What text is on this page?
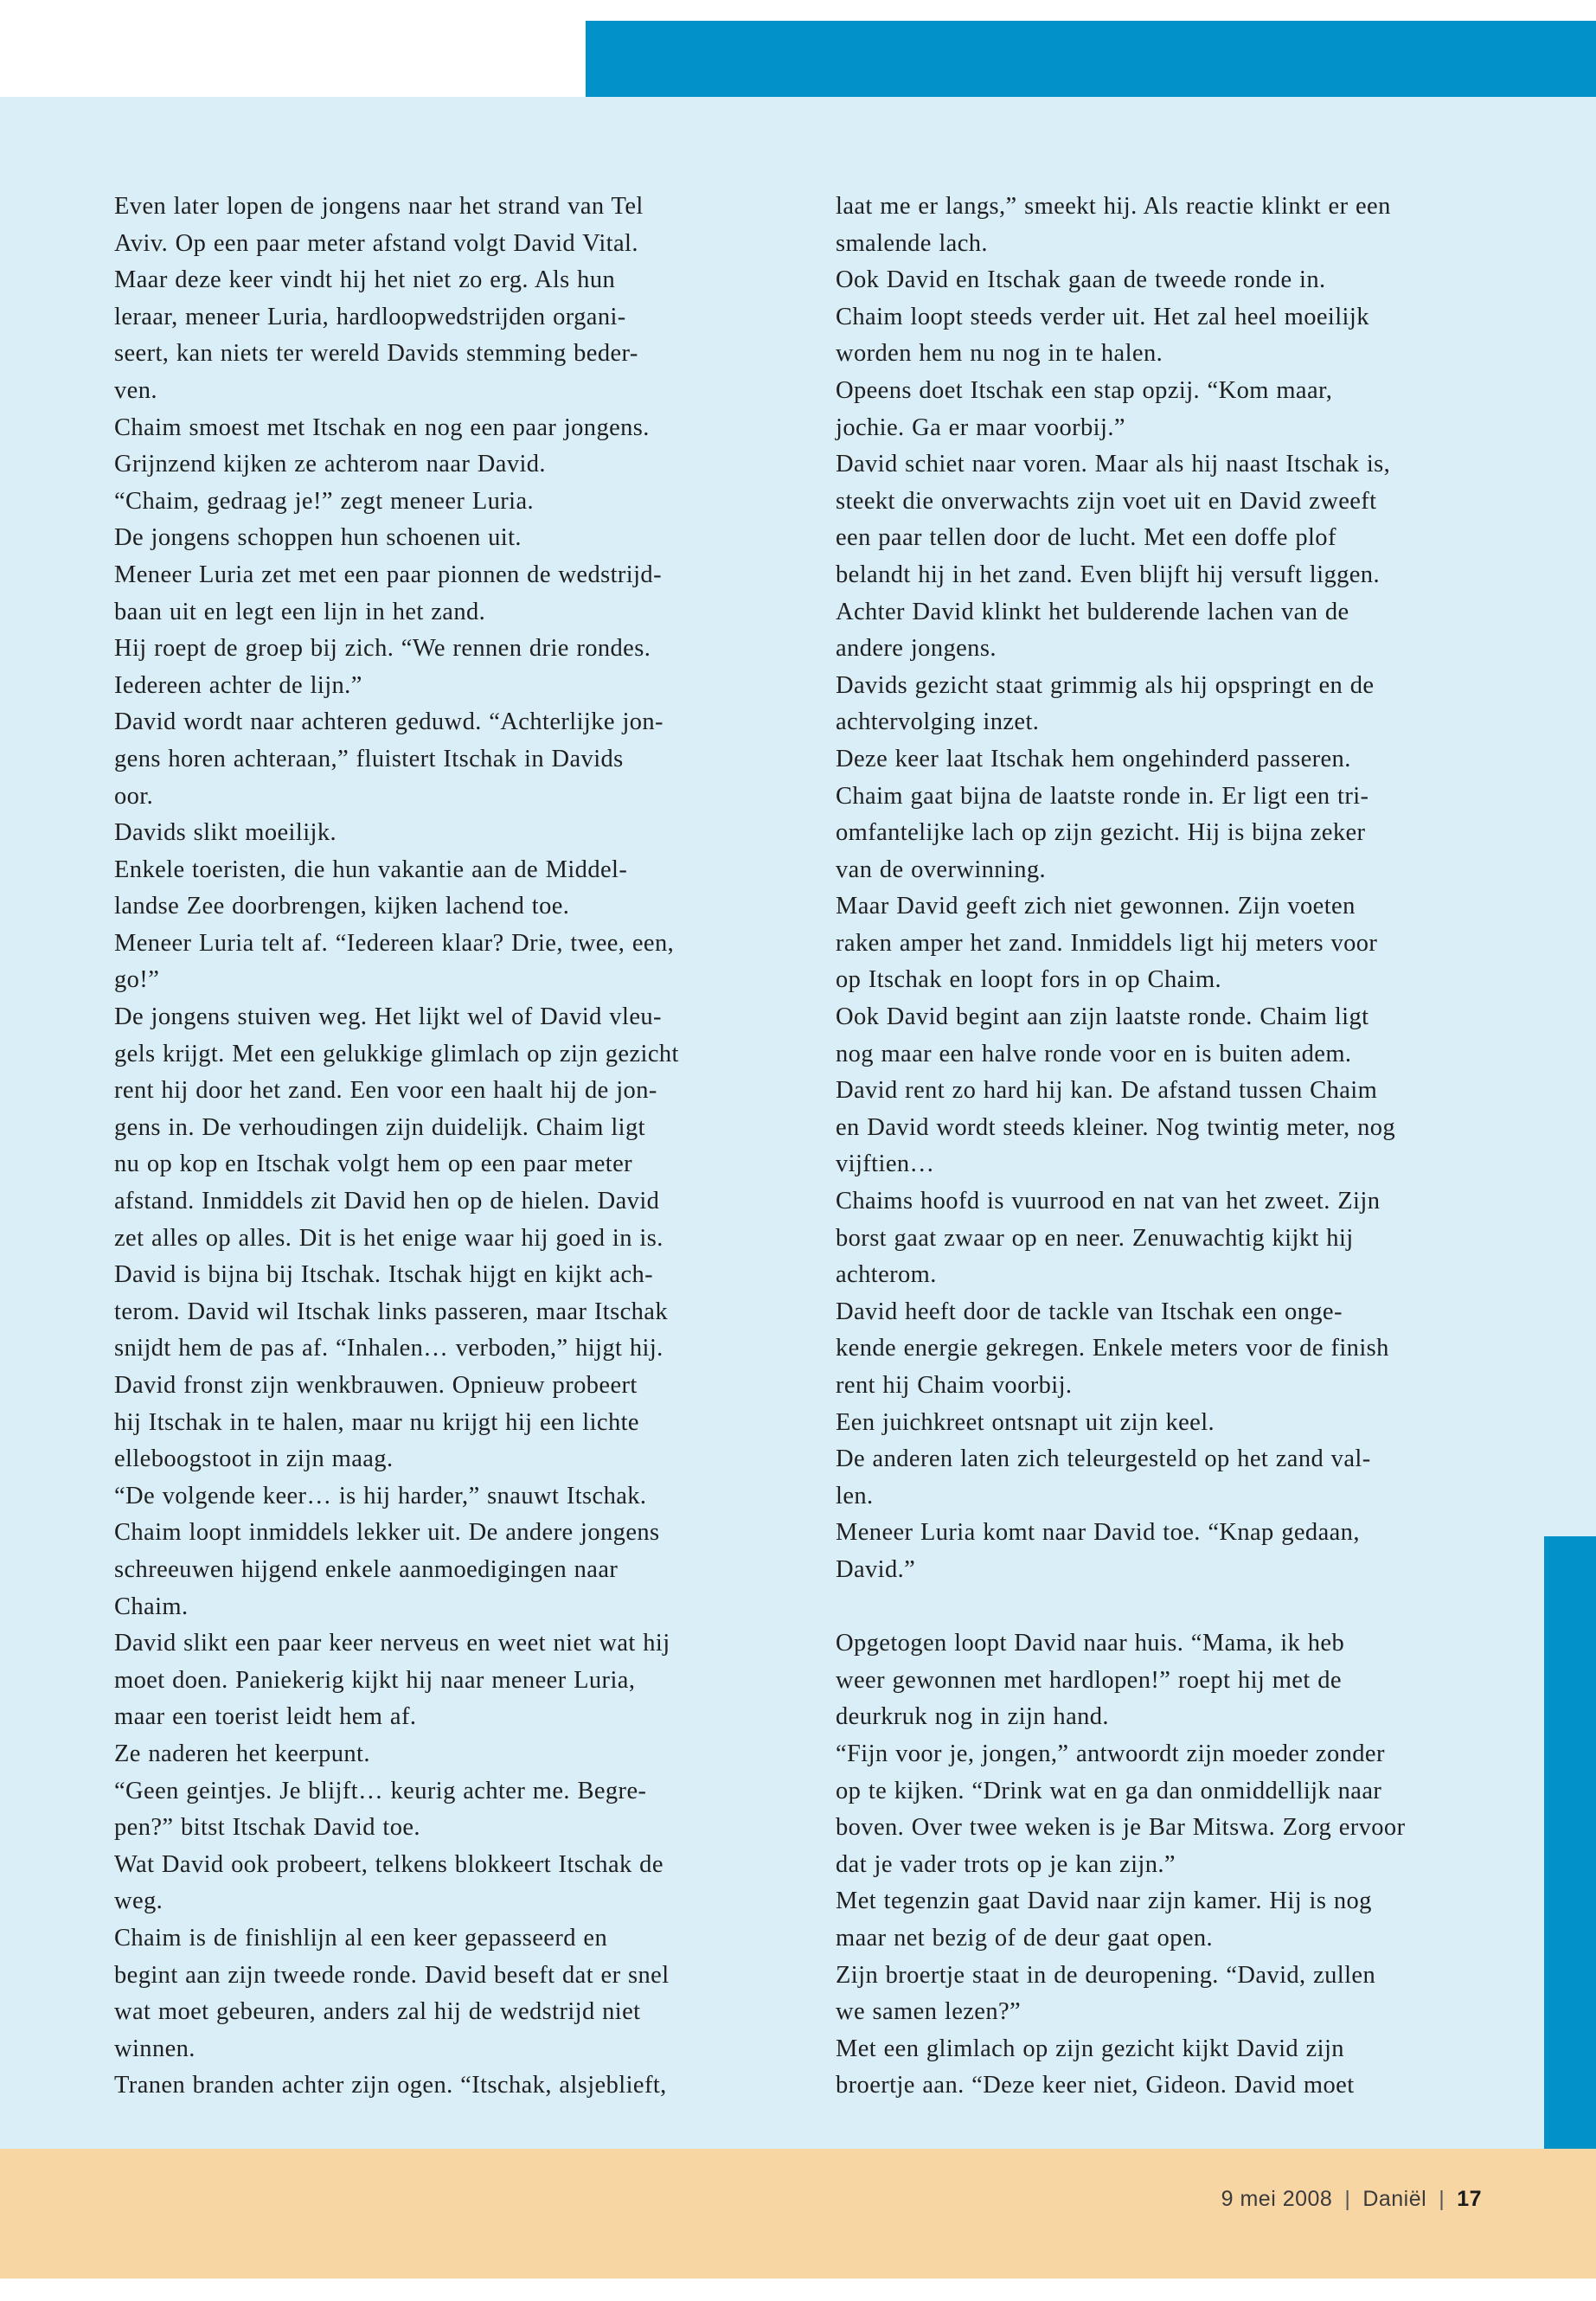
Even later lopen de jongens naar het strand van Tel
Aviv. Op een paar meter afstand volgt David Vital.
Maar deze keer vindt hij het niet zo erg. Als hun
leraar, meneer Luria, hardloopwedstrijden organi-
seert, kan niets ter wereld Davids stemming beder-
ven.
Chaim smoest met Itschak en nog een paar jongens.
Grijnzend kijken ze achterom naar David.
“Chaim, gedraag je!” zegt meneer Luria.
De jongens schoppen hun schoenen uit.
Meneer Luria zet met een paar pionnen de wedstrijd-
baan uit en legt een lijn in het zand.
Hij roept de groep bij zich. “We rennen drie rondes.
Iedereen achter de lijn.”
David wordt naar achteren geduwd. “Achterlijke jon-
gens horen achteraan,” fluistert Itschak in Davids
oor.
Davids slikt moeilijk.
Enkele toeristen, die hun vakantie aan de Middel-
landse Zee doorbrengen, kijken lachend toe.
Meneer Luria telt af. “Iedereen klaar? Drie, twee, een,
go!”
De jongens stuiven weg. Het lijkt wel of David vleu-
gels krijgt. Met een gelukkige glimlach op zijn gezicht
rent hij door het zand. Een voor een haalt hij de jon-
gens in. De verhoudingen zijn duidelijk. Chaim ligt
nu op kop en Itschak volgt hem op een paar meter
afstand. Inmiddels zit David hen op de hielen. David
zet alles op alles. Dit is het enige waar hij goed in is.
David is bijna bij Itschak. Itschak hijgt en kijkt ach-
terom. David wil Itschak links passeren, maar Itschak
snijdt hem de pas af. “Inhalen… verboden,” hijgt hij.
David fronst zijn wenkbrauwen. Opnieuw probeert
hij Itschak in te halen, maar nu krijgt hij een lichte
elleboogstoot in zijn maag.
“De volgende keer… is hij harder,” snauwt Itschak.
Chaim loopt inmiddels lekker uit. De andere jongens
schreeuwen hijgend enkele aanmoedigingen naar
Chaim.
David slikt een paar keer nerveus en weet niet wat hij
moet doen. Paniekerig kijkt hij naar meneer Luria,
maar een toerist leidt hem af.
Ze naderen het keerpunt.
“Geen geintjes. Je blijft… keurig achter me. Begre-
pen?” bitst Itschak David toe.
Wat David ook probeert, telkens blokkeert Itschak de
weg.
Chaim is de finishlijn al een keer gepasseerd en
begint aan zijn tweede ronde. David beseft dat er snel
wat moet gebeuren, anders zal hij de wedstrijd niet
winnen.
Tranen branden achter zijn ogen. “Itschak, alsjeblieft,
laat me er langs,” smeekt hij. Als reactie klinkt er een
smalende lach.
Ook David en Itschak gaan de tweede ronde in.
Chaim loopt steeds verder uit. Het zal heel moeilijk
worden hem nu nog in te halen.
Opeens doet Itschak een stap opzij. “Kom maar,
jochie. Ga er maar voorbij.”
David schiet naar voren. Maar als hij naast Itschak is,
steekt die onverwachts zijn voet uit en David zweeft
een paar tellen door de lucht. Met een doffe plof
belandt hij in het zand. Even blijft hij versuft liggen.
Achter David klinkt het bulderende lachen van de
andere jongens.
Davids gezicht staat grimmig als hij opspringt en de
achtervolging inzet.
Deze keer laat Itschak hem ongehinderd passeren.
Chaim gaat bijna de laatste ronde in. Er ligt een tri-
omfantelijke lach op zijn gezicht. Hij is bijna zeker
van de overwinning.
Maar David geeft zich niet gewonnen. Zijn voeten
raken amper het zand. Inmiddels ligt hij meters voor
op Itschak en loopt fors in op Chaim.
Ook David begint aan zijn laatste ronde. Chaim ligt
nog maar een halve ronde voor en is buiten adem.
David rent zo hard hij kan. De afstand tussen Chaim
en David wordt steeds kleiner. Nog twintig meter, nog
vijftien…
Chaims hoofd is vuurrood en nat van het zweet. Zijn
borst gaat zwaar op en neer. Zenuwachtig kijkt hij
achterom.
David heeft door de tackle van Itschak een onge-
kende energie gekregen. Enkele meters voor de finish
rent hij Chaim voorbij.
Een juichkreet ontsnapt uit zijn keel.
De anderen laten zich teleurgesteld op het zand val-
len.
Meneer Luria komt naar David toe. “Knap gedaan,
David.”
Opgetogen loopt David naar huis. “Mama, ik heb
weer gewonnen met hardlopen!” roept hij met de
deurkruk nog in zijn hand.
“Fijn voor je, jongen,” antwoordt zijn moeder zonder
op te kijken. “Drink wat en ga dan onmiddellijk naar
boven. Over twee weken is je Bar Mitswa. Zorg ervoor
dat je vader trots op je kan zijn.”
Met tegenzin gaat David naar zijn kamer. Hij is nog
maar net bezig of de deur gaat open.
Zijn broertje staat in de deuropening. “David, zullen
we samen lezen?”
Met een glimlach op zijn gezicht kijkt David zijn
broertje aan. “Deze keer niet, Gideon. David moet
9 mei 2008 | Daniël | 17
